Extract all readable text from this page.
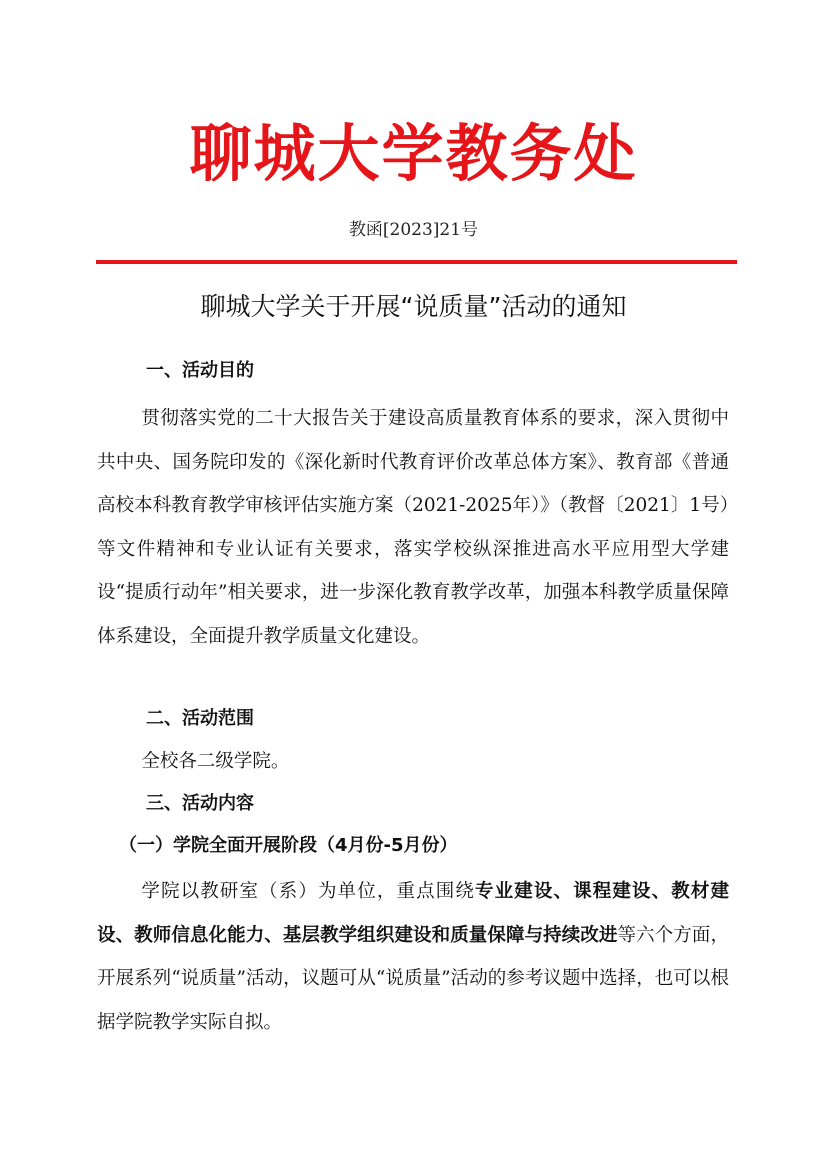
聊城大学教务处
教函[2023]21号
聊城大学关于开展“说质量”活动的通知
一、活动目的

贯彻落实党的二十大报告关于建设高质量教育体系的要求，深入贯彻中共中央、国务院印发的《深化新时代教育评价改革总体方案》、教育部《普通高校本科教育教学审核评估实施方案（2021-2025年）》（教督〔2021〕1号）等文件精神和专业认证有关要求，落实学校纵深推进高水平应用型大学建设“提质行动年”相关要求，进一步深化教育教学改革，加强本科教学质量保障体系建设，全面提升教学质量文化建设。

二、活动范围

全校各二级学院。

三、活动内容
（一）学院全面开展阶段（4月份-5月份）

学院以教研室（系）为单位，重点围绕专业建设、课程建设、教材建设、教师信息化能力、基层教学组织建设和质量保障与持续改进等六个方面，开展系列“说质量”活动，议题可从“说质量”活动的参考议题中选择，也可以根据学院教学实际自拟。
